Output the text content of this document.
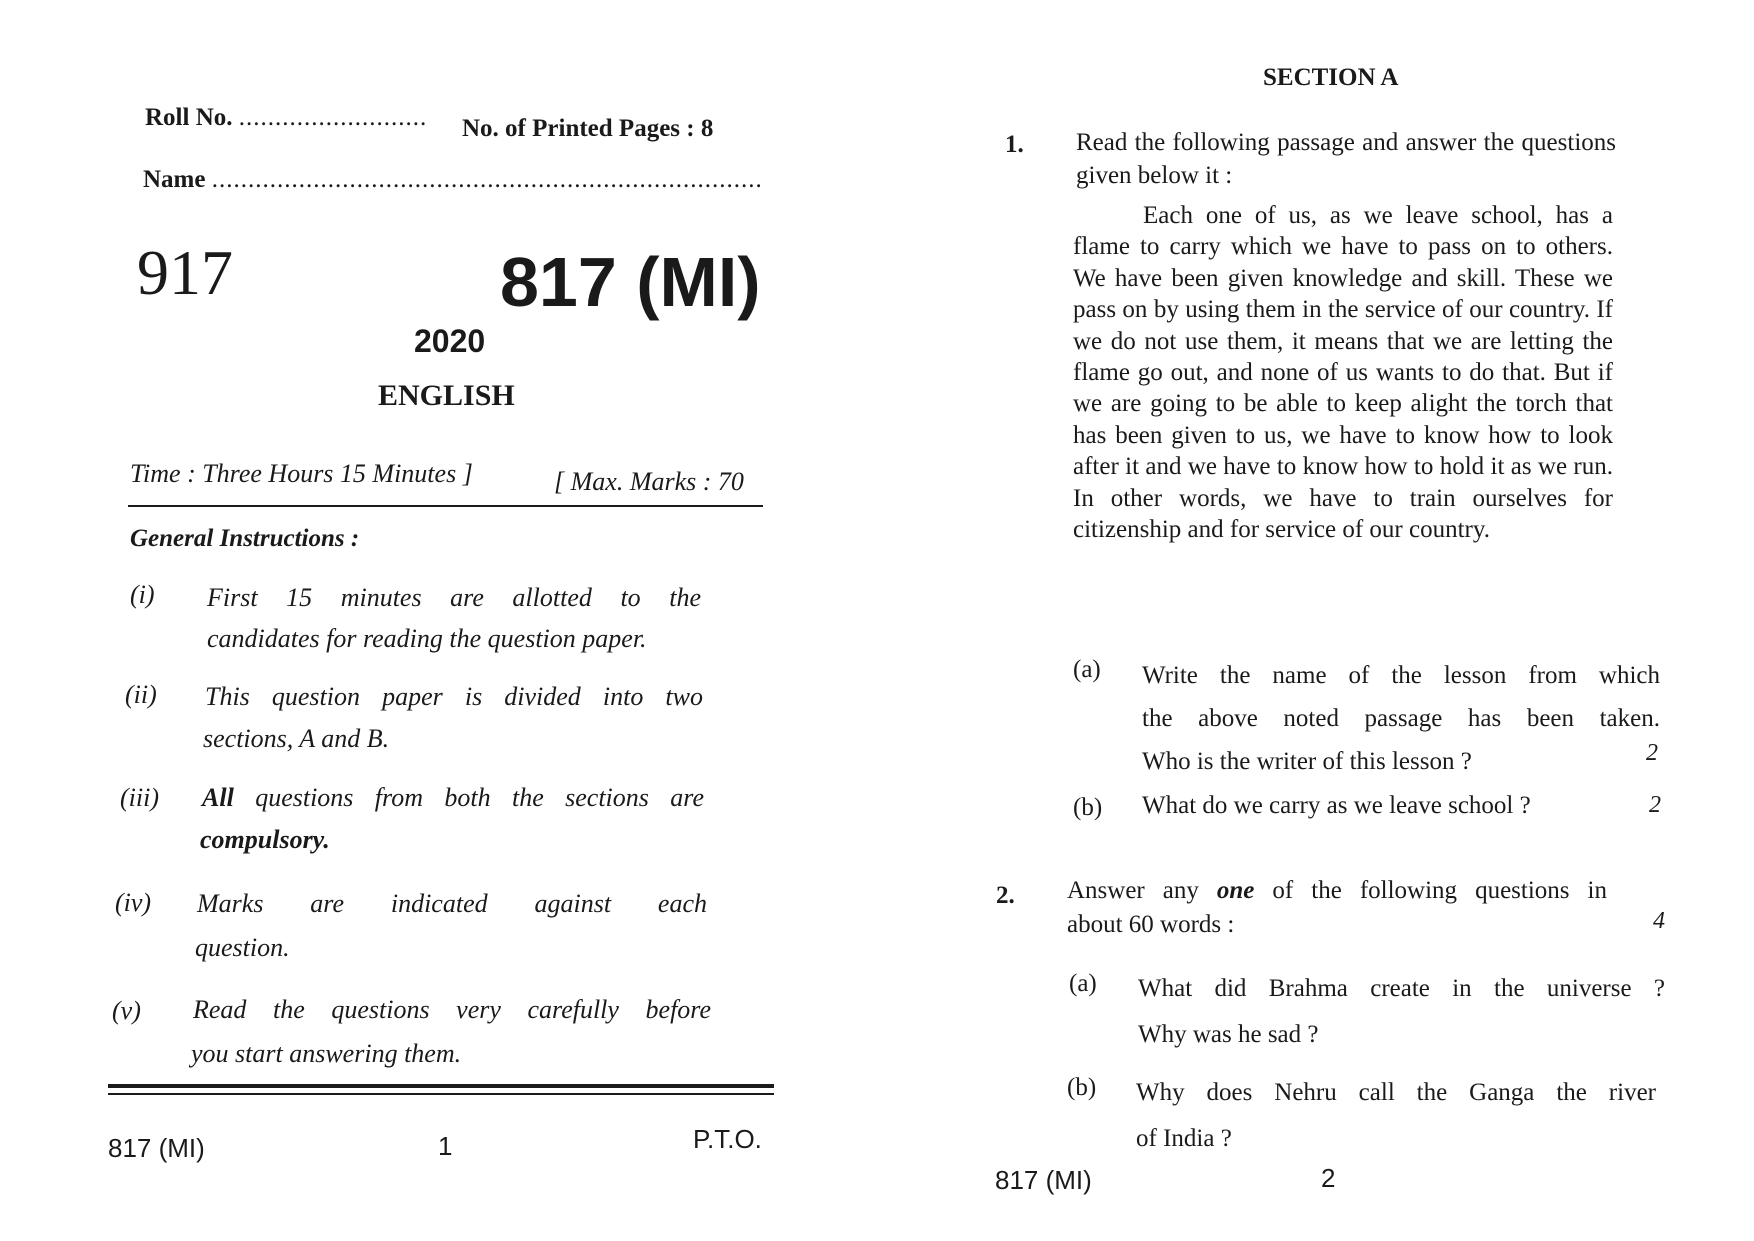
Roll No. .......................... No. of Printed Pages : 8
Name ............................................................................
917	817 (MI)
2020
ENGLISH
Time : Three Hours 15 Minutes ]	[ Max. Marks : 70
General Instructions :
(i) First 15 minutes are allotted to the
candidates for reading the question paper.
(ii) This question paper is divided into two
sections, A and B.
(iii) All questions from both the sections are
compulsory.
(iv) Marks are indicated against each
question.
(v) Read the questions very carefully before
you start answering them.
817 (MI)	1	P.T.O.
SECTION A
1. Read the following passage and answer the questions given below it :
Each one of us, as we leave school, has a flame to carry which we have to pass on to others. We have been given knowledge and skill. These we pass on by using them in the service of our country. If we do not use them, it means that we are letting the flame go out, and none of us wants to do that. But if we are going to be able to keep alight the torch that has been given to us, we have to know how to look after it and we have to know how to hold it as we run. In other words, we have to train ourselves for citizenship and for service of our country.
(a) Write the name of the lesson from which
the above noted passage has been taken.
Who is the writer of this lesson ?	2
(b) What do we carry as we leave school ?	2
2. Answer any one of the following questions in
about 60 words :	4
(a) What did Brahma create in the universe ?
Why was he sad ?
(b) Why does Nehru call the Ganga the river
of India ?
817 (MI)	2
